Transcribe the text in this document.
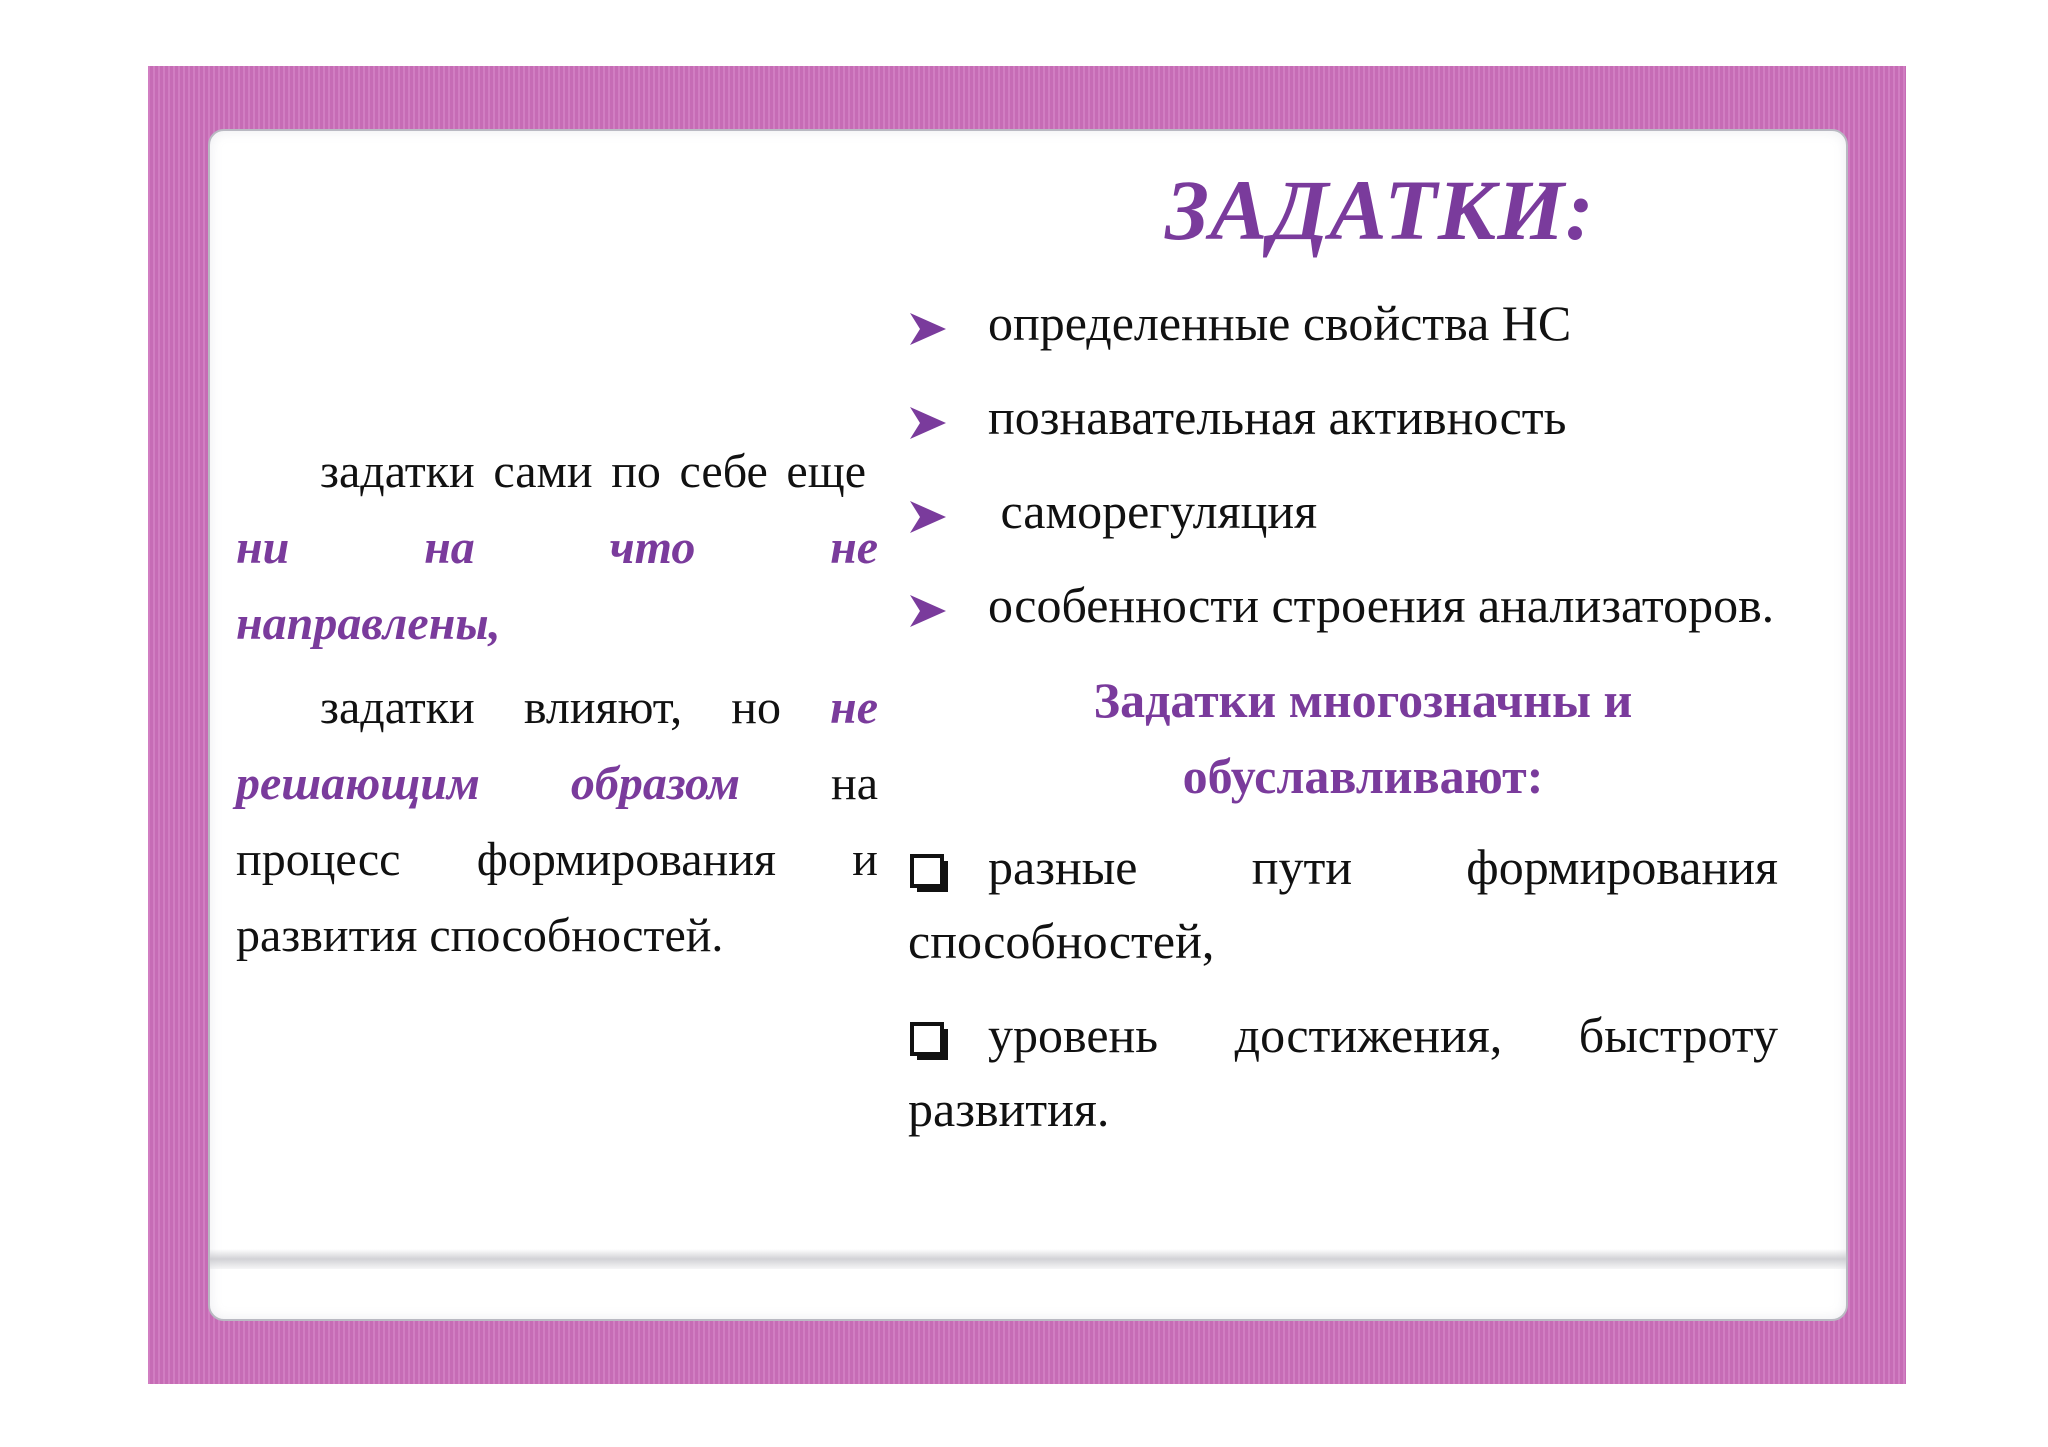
ЗАДАТКИ:

задатки сами по себе еще  ни	на	что	не направлены,

задатки влияют, но не решающим образом на процесс формирования и развития способностей.

определенные свойства НС
познавательная активность
саморегуляция
особенности строения анализаторов.
Задатки многозначны и обуславливают:
разные пути формирования способностей,
уровень достижения, быстроту развития.
